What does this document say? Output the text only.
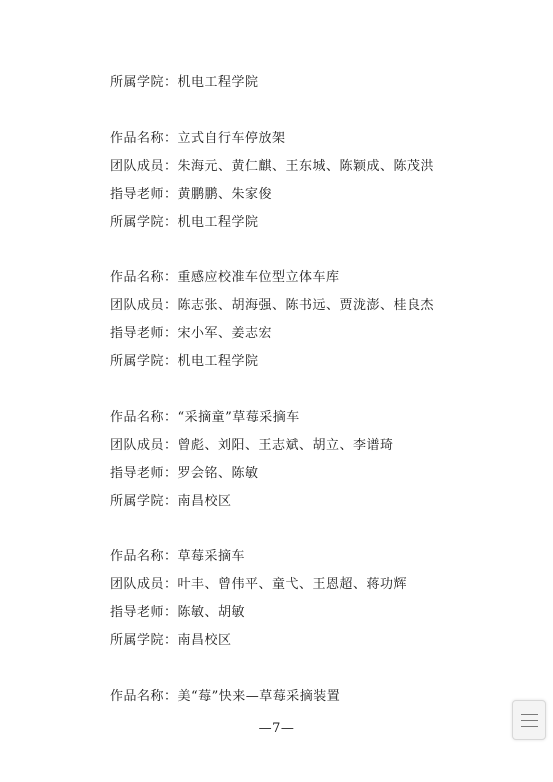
所属学院：机电工程学院
作品名称：立式自行车停放架
团队成员：朱海元、黄仁麒、王东城、陈颖成、陈茂洪
指导老师：黄鹏鹏、朱家俊
所属学院：机电工程学院
作品名称：重感应校准车位型立体车库
团队成员：陈志张、胡海强、陈书远、贾泷澎、桂良杰
指导老师：宋小军、姜志宏
所属学院：机电工程学院
作品名称：“采摘童”草莓采摘车
团队成员：曾彪、刘阳、王志斌、胡立、李谱琦
指导老师：罗会铭、陈敏
所属学院：南昌校区
作品名称：草莓采摘车
团队成员：叶丰、曾伟平、童弋、王恩超、蒋功辉
指导老师：陈敏、胡敏
所属学院：南昌校区
作品名称：美“莓”快来—草莓采摘装置
—7—
